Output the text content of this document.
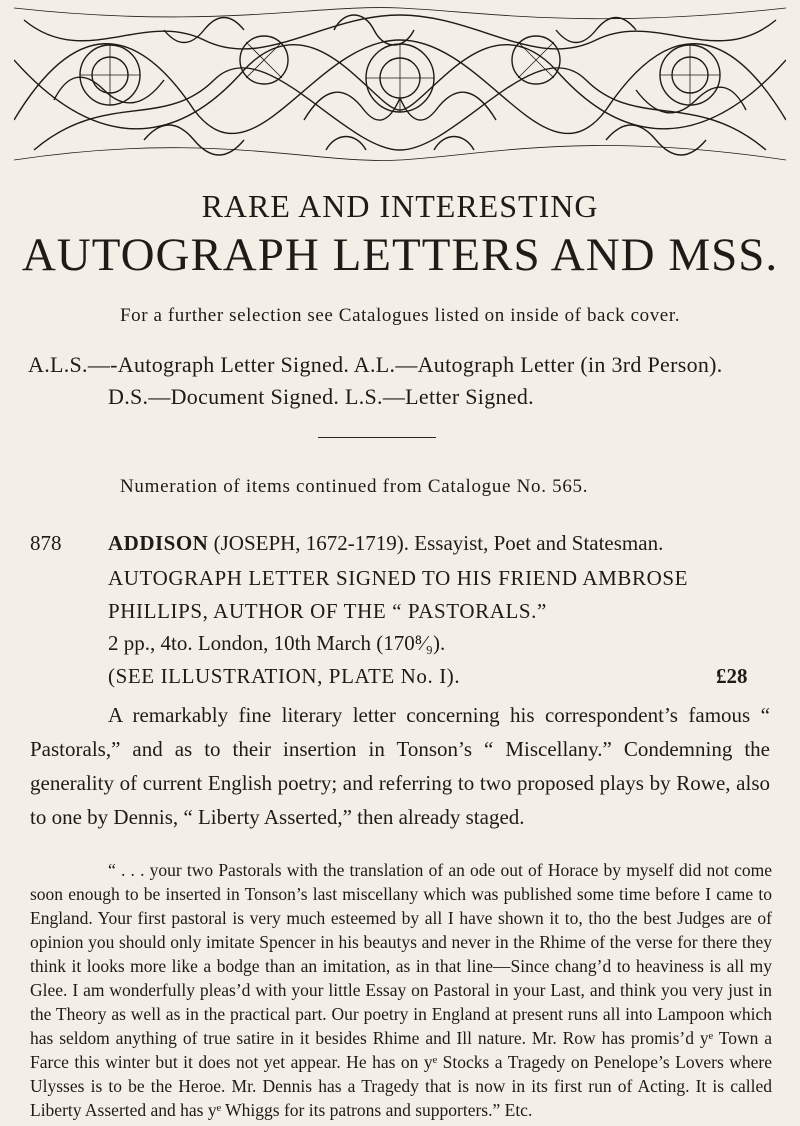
RARE AND INTERESTING
AUTOGRAPH LETTERS AND MSS.
For a further selection see Catalogues listed on inside of back cover.
A.L.S.—-Autograph Letter Signed. A.L.—Autograph Letter (in 3rd Person).
D.S.—Document Signed. L.S.—Letter Signed.
Numeration of items continued from Catalogue No. 565.
878 ADDISON (JOSEPH, 1672-1719). Essayist, Poet and Statesman.
AUTOGRAPH LETTER SIGNED TO HIS FRIEND AMBROSE
PHILLIPS, AUTHOR OF THE “ PASTORALS.”
2 pp., 4to. London, 10th March (170⁸⁄₉).
(SEE ILLUSTRATION, PLATE No. I).	£28
A remarkably fine literary letter concerning his correspondent’s famous “ Pastorals,” and as to their insertion in Tonson’s “ Miscellany.” Condemning the generality of current English poetry; and referring to two proposed plays by Rowe, also to one by Dennis, “ Liberty Asserted,” then already staged.
“ . . . your two Pastorals with the translation of an ode out of Horace by myself did not come soon enough to be inserted in Tonson’s last miscellany which was published some time before I came to England. Your first pastoral is very much esteemed by all I have shown it to, tho the best Judges are of opinion you should only imitate Spencer in his beautys and never in the Rhime of the verse for there they think it looks more like a bodge than an imitation, as in that line—Since chang’d to heaviness is all my Glee. I am wonderfully pleas’d with your little Essay on Pastoral in your Last, and think you very just in the Theory as well as in the practical part. Our poetry in England at present runs all into Lampoon which has seldom anything of true satire in it besides Rhime and Ill nature. Mr. Row has promis’d yᵉ Town a Farce this winter but it does not yet appear. He has on yᵉ Stocks a Tragedy on Penelope’s Lovers where Ulysses is to be the Heroe. Mr. Dennis has a Tragedy that is now in its first run of Acting. It is called Liberty Asserted and has yᵉ Whiggs for its patrons and supporters.” Etc.
